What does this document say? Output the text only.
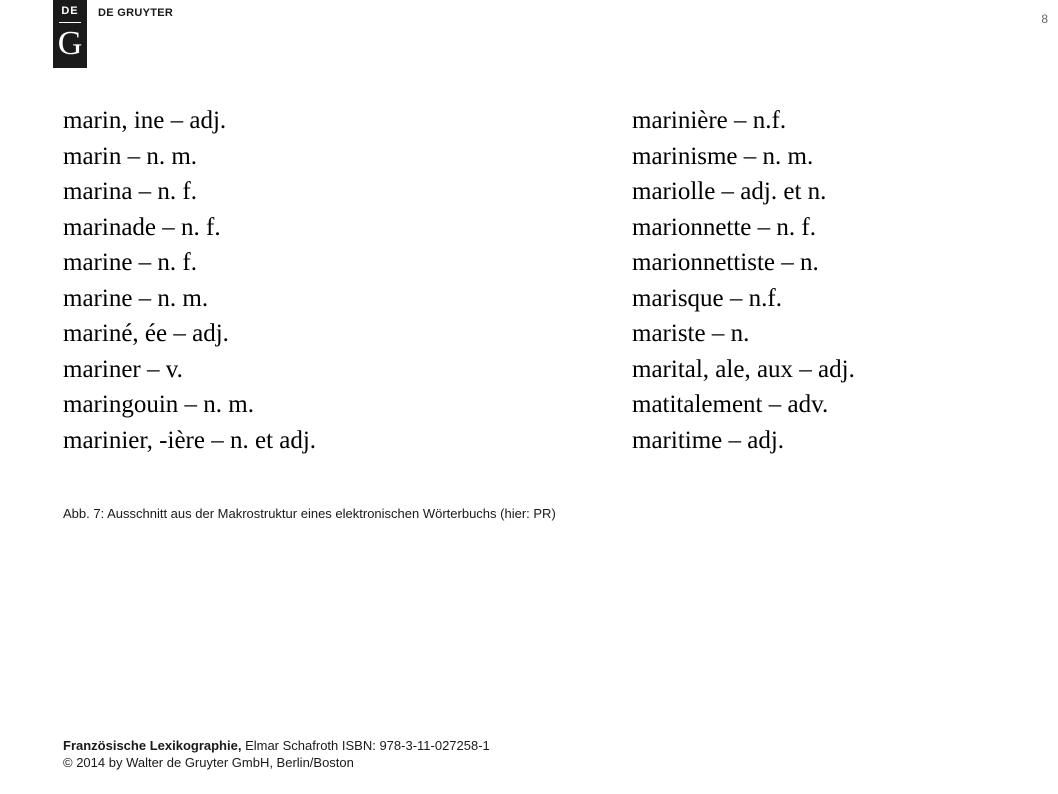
DE
G
DE GRUYTER	8
marin, ine – adj.
marin – n. m.
marina – n. f.
marinade – n. f.
marine – n. f.
marine – n. m.
mariné, ée – adj.
mariner – v.
maringouin – n. m.
marinier, -ière – n. et adj.
marinière – n.f.
marinisme – n. m.
mariolle – adj. et n.
marionnette – n. f.
marionnettiste – n.
marisque – n.f.
mariste – n.
marital, ale, aux – adj.
matitalement – adv.
maritime – adj.
Abb. 7: Ausschnitt aus der Makrostruktur eines elektronischen Wörterbuchs (hier: PR)
Französische Lexikographie, Elmar Schafroth ISBN: 978-3-11-027258-1
© 2014 by Walter de Gruyter GmbH, Berlin/Boston
